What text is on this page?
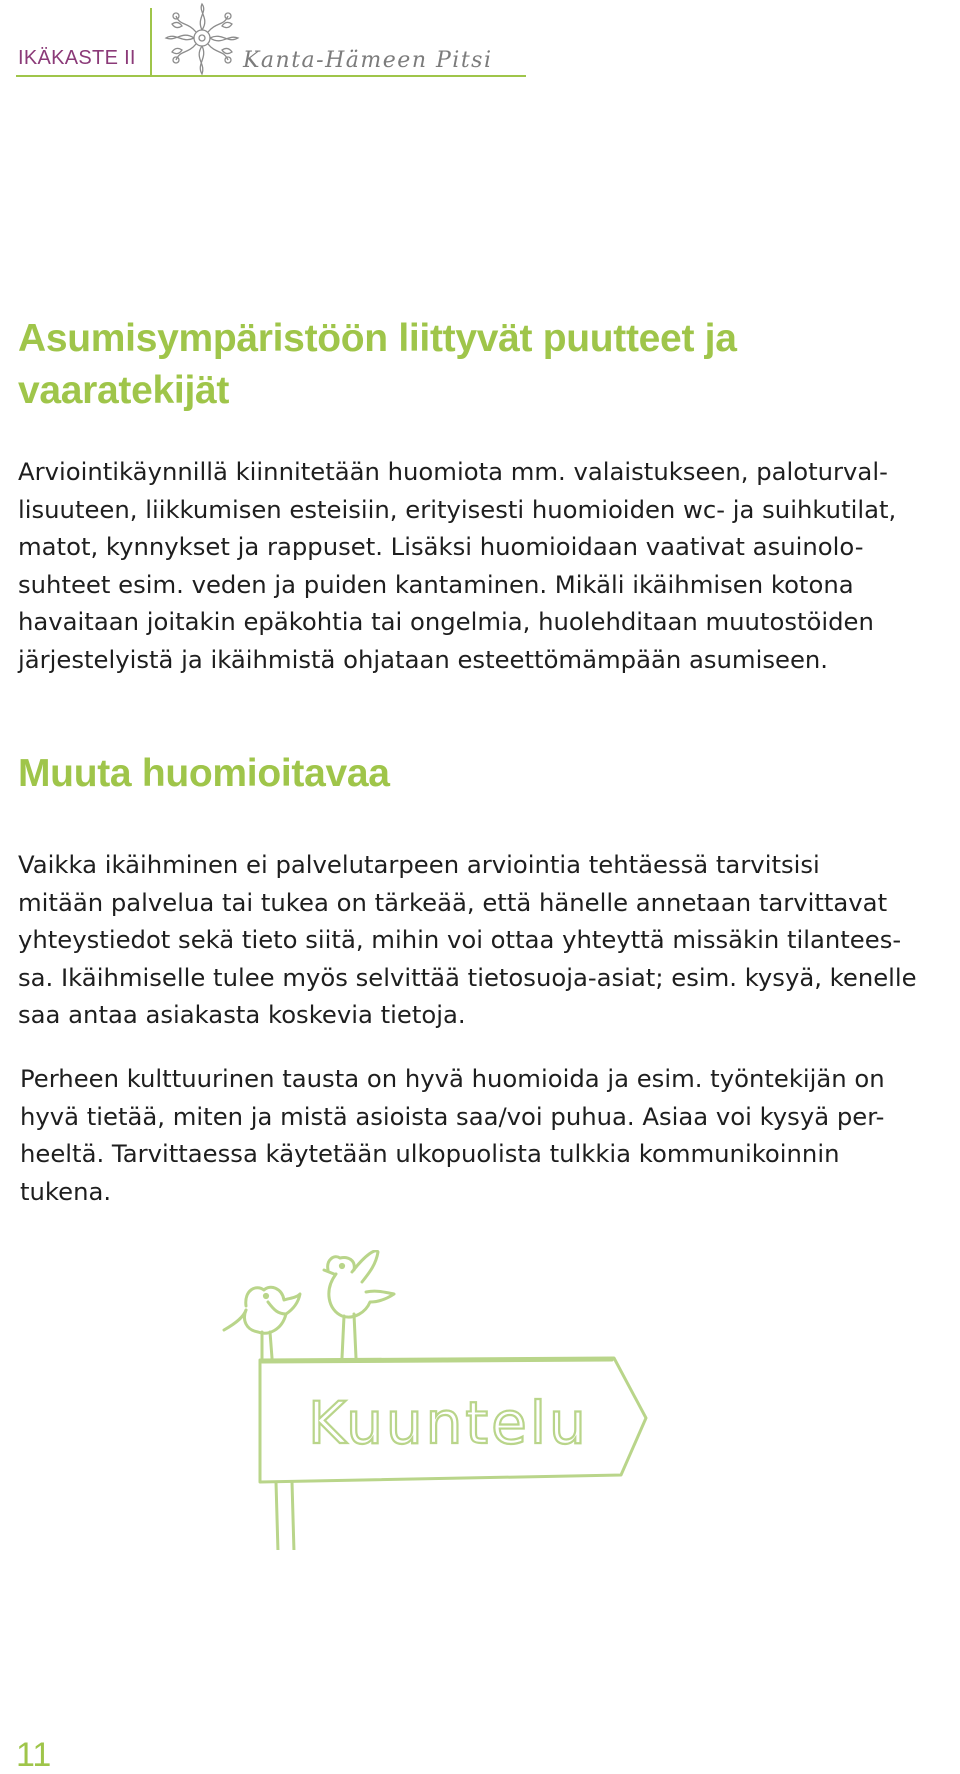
IKÄKASTE II	Kanta-Hämeen Pitsi
Asumisympäristöön liittyvät puutteet ja vaaratekijät

Arviointikäynnillä kiinnitetään huomiota mm. valaistukseen, paloturval-
lisuuteen, liikkumisen esteisiin, erityisesti huomioiden wc- ja suihkutilat,
matot, kynnykset ja rappuset. Lisäksi huomioidaan vaativat asuinolo-
suhteet esim. veden ja puiden kantaminen. Mikäli ikäihmisen kotona
havaitaan joitakin epäkohtia tai ongelmia, huolehditaan muutostöiden
järjestelyistä ja ikäihmistä ohjataan esteettömämpään asumiseen.

Muuta huomioitavaa

Vaikka ikäihminen ei palvelutarpeen arviointia tehtäessä tarvitsisi
mitään palvelua tai tukea on tärkeää, että hänelle annetaan tarvittavat
yhteystiedot sekä tieto siitä, mihin voi ottaa yhteyttä missäkin tilantees-
sa. Ikäihmiselle tulee myös selvittää tietosuoja-asiat; esim. kysyä, kenelle
saa antaa asiakasta koskevia tietoja.

Perheen kulttuurinen tausta on hyvä huomioida ja esim. työntekijän on
hyvä tietää, miten ja mistä asioista saa/voi puhua. Asiaa voi kysyä per-
heeltä. Tarvittaessa käytetään ulkopuolista tulkkia kommunikoinnin
tukena.

Kuuntelu
11
